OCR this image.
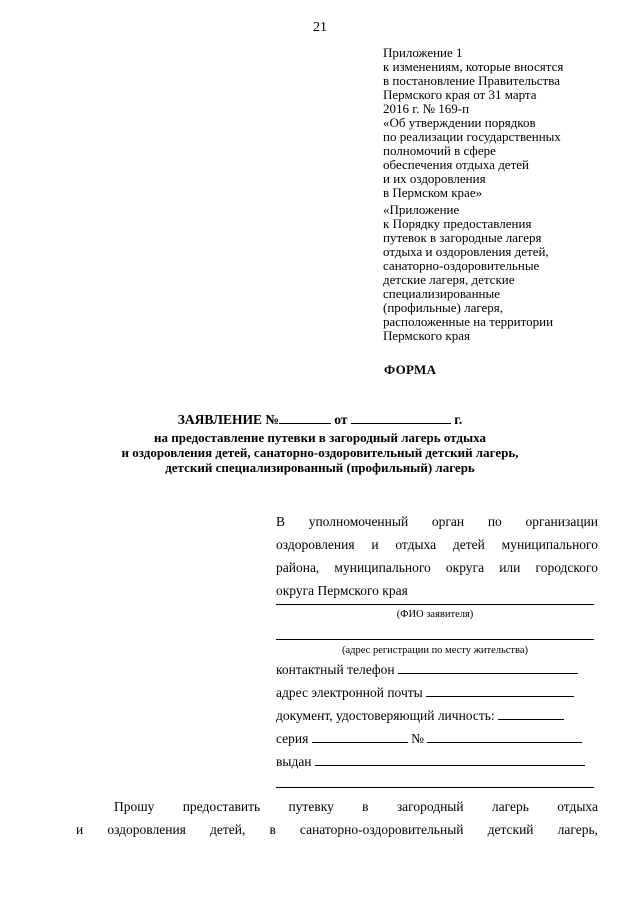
21
Приложение 1
к изменениям, которые вносятся
в постановление Правительства
Пермского края от 31 марта
2016 г. № 169-п
«Об утверждении порядков
по реализации государственных
полномочий в сфере
обеспечения отдыха детей
и их оздоровления
в Пермском крае»
«Приложение
к Порядку предоставления
путевок в загородные лагеря
отдыха и оздоровления детей,
санаторно-оздоровительные
детские лагеря, детские
специализированные
(профильные) лагеря,
расположенные на территории
Пермского края
ФОРМА
ЗАЯВЛЕНИЕ №	от	г.
на предоставление путевки в загородный лагерь отдыха
и оздоровления детей, санаторно-оздоровительный детский лагерь,
детский специализированный (профильный) лагерь
В уполномоченный орган по организации
оздоровления и отдыха детей муниципального
района, муниципального округа или городского
округа Пермского края
(ФИО заявителя)
(адрес регистрации по месту жительства)
контактный телефон
адрес электронной почты
документ, удостоверяющий личность:
серия	№
выдан
Прошу предоставить путевку в загородный лагерь отдыха
и оздоровления детей, в санаторно-оздоровительный детский лагерь,
